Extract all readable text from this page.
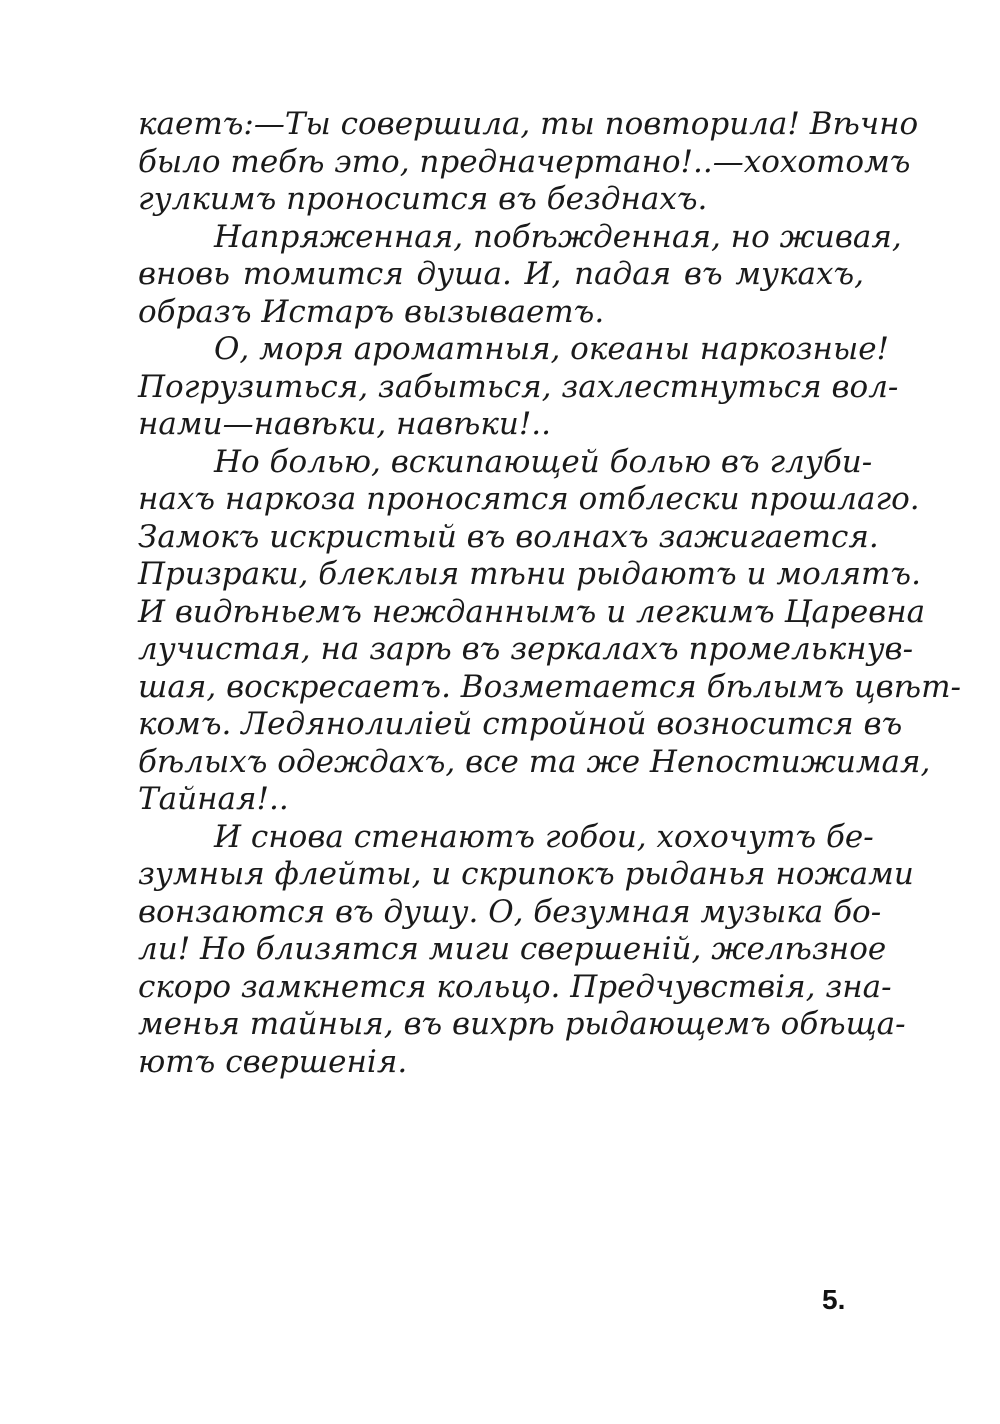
каетъ:—Ты совершила, ты повторила! Вѣчно
было тебѣ это, предначертано!..—хохотомъ
гулкимъ проносится въ безднахъ.
Напряженная, побѣжденная, но живая,
вновь томится душа. И, падая въ мукахъ,
образъ Истаръ вызываетъ.
О, моря ароматныя, океаны наркозные!
Погрузиться, забыться, захлестнуться вол-
нами—навѣки, навѣки!..
Но болью, вскипающей болью въ глуби-
нахъ наркоза проносятся отблески прошлаго.
Замокъ искристый въ волнахъ зажигается.
Призраки, блеклыя тѣни рыдаютъ и молятъ.
И видѣньемъ нежданнымъ и легкимъ Царевна
лучистая, на зарѣ въ зеркалахъ промелькнув-
шая, воскресаетъ. Возметается бѣлымъ цвѣт-
комъ. Ледянолиліей стройной возносится въ
бѣлыхъ одеждахъ, все та же Непостижимая,
Тайная!..
И снова стенаютъ гобои, хохочутъ бе-
зумныя флейты, и скрипокъ рыданья ножами
вонзаются въ душу. О, безумная музыка бо-
ли! Но близятся миги свершеній, желѣзное
скоро замкнется кольцо. Предчувствія, зна-
менья тайныя, въ вихрѣ рыдающемъ обѣща-
ютъ свершенія.
5.
